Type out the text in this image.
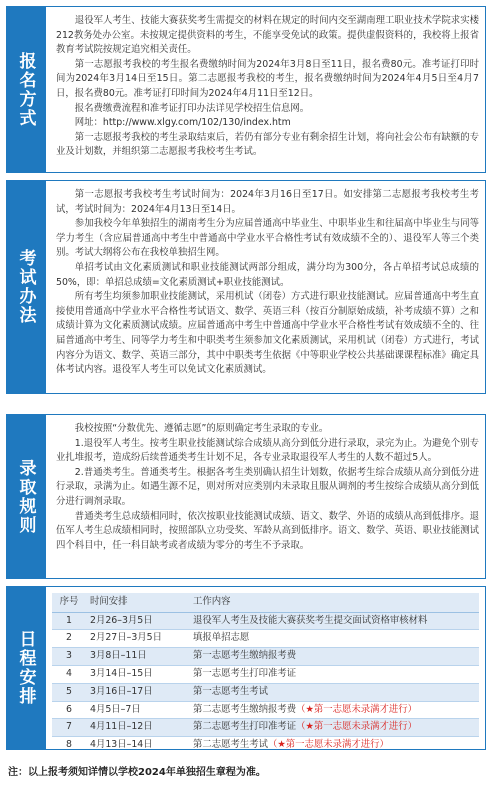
报名方式

退役军人考生、技能大赛获奖考生需提交的材料在规定的时间内交至湖南理工职业技术学院求实楼212教务处办公室。未按规定提供资料的考生，不能享受免试的政策。提供虚假资料的，我校将上报省教育考试院按规定追究相关责任。

第一志愿报考我校的考生报名费缴纳时间为2024年3月8日至11日，报名费80元。准考证打印时间为2024年3月14日至15日。第二志愿报考我校的考生，报名费缴纳时间为2024年4月5日至4月7日，报名费80元。准考证打印时间为2024年4月11日至12日。

报名费缴费流程和准考证打印办法详见学校招生信息网。

网址：http://www.xlgy.com/102/130/index.htm

第一志愿报考我校的考生录取结束后，若仍有部分专业有剩余招生计划，将向社会公布有缺额的专业及计划数，并组织第二志愿报考我校考生考试。

考试办法

第一志愿报考我校考生考试时间为：2024年3月16日至17日。如安排第二志愿报考我校考生考试，考试时间为：2024年4月13日至14日。

参加我校今年单独招生的湖南考生分为应届普通高中毕业生、中职毕业生和往届高中毕业生与同等学力考生（含应届普通高中考生中普通高中学业水平合格性考试有效成绩不全的）、退役军人等三个类别。考试大纲将公布在我校单独招生网。

单招考试由文化素质测试和职业技能测试两部分组成，满分均为300分，各占单招考试总成绩的50%，即：单招总成绩=文化素质测试+职业技能测试。

所有考生均须参加职业技能测试，采用机试（闭卷）方式进行职业技能测试。应届普通高中考生直接使用普通高中学业水平合格性考试语文、数学、英语三科（按百分制原始成绩，补考成绩不算）之和成绩计算为文化素质测试成绩。应届普通高中考生中普通高中学业水平合格性考试有效成绩不全的、往届普通高中考生、同等学力考生和中职类考生须参加文化素质测试，采用机试（闭卷）方式进行，考试内容分为语文、数学、英语三部分，其中中职类考生依据《中等职业学校公共基础课课程标准》确定具体考试内容。退役军人考生可以免试文化素质测试。

录取规则

我校按照“分数优先、遵循志愿”的原则确定考生录取的专业。

1.退役军人考生。按考生职业技能测试综合成绩从高分到低分进行录取，录完为止。为避免个别专业扎堆报考，造成纷后续普通类考生计划不足，各专业录取退役军人考生的人数不超过5人。

2.普通类考生。普通类考生。根据各考生类别确认招生计划数，依据考生综合成绩从高分到低分进行录取，录满为止。如遇生源不足，则对所对应类别内未录取且服从调剂的考生按综合成绩从高分到低分进行调剂录取。

普通类考生总成绩相同时，依次按职业技能测试成绩、语文、数学、外语的成绩从高到低排序。退伍军人考生总成绩相同时，按照部队立功受奖、军龄从高到低排序。语文、数学、英语、职业技能测试四个科目中，任一科目缺考或者成绩为零分的考生不予录取。

日程安排
序号	时间安排	工作内容
1	2月26–3月5日	退役军人考生及技能大赛获奖考生提交面试资格审核材料
2	2月27日–3月5日	填报单招志愿
3	3月8日–11日	第一志愿考生缴纳报考费
4	3月14日–15日	第一志愿考生打印准考证
5	3月16日–17日	第一志愿考生考试
6	4月5日–7日	第二志愿考生缴纳报考费（★第一志愿未录满才进行）
7	4月11日–12日	第二志愿考生打印准考证（★第一志愿未录满才进行）
8	4月13日–14日	第二志愿考生考试（★第一志愿未录满才进行）
注：以上报考须知详情以学校2024年单独招生章程为准。
